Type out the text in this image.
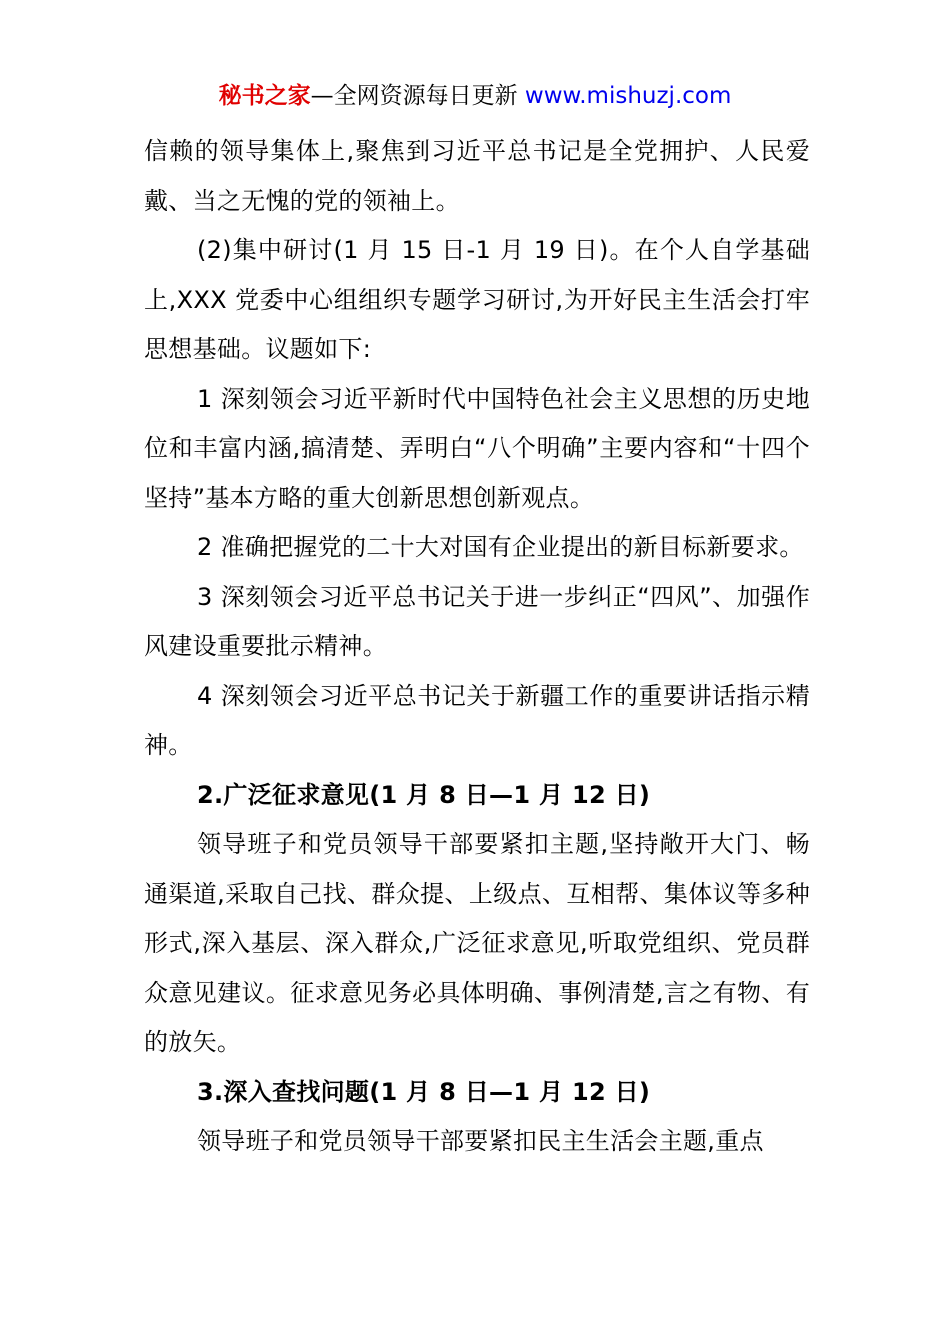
秘书之家—全网资源每日更新 www.mishuzj.com

信赖的领导集体上,聚焦到习近平总书记是全党拥护、人民爱戴、当之无愧的党的领袖上。

(2)集中研讨(1 月 15 日-1 月 19 日)。在个人自学基础上,XXX 党委中心组组织专题学习研讨,为开好民主生活会打牢思想基础。议题如下:

1 深刻领会习近平新时代中国特色社会主义思想的历史地位和丰富内涵,搞清楚、弄明白“八个明确”主要内容和“十四个坚持”基本方略的重大创新思想创新观点。

2 准确把握党的二十大对国有企业提出的新目标新要求。

3 深刻领会习近平总书记关于进一步纠正“四风”、加强作风建设重要批示精神。

4 深刻领会习近平总书记关于新疆工作的重要讲话指示精神。

2.广泛征求意见(1 月 8 日—1 月 12 日)

领导班子和党员领导干部要紧扣主题,坚持敞开大门、畅通渠道,采取自己找、群众提、上级点、互相帮、集体议等多种形式,深入基层、深入群众,广泛征求意见,听取党组织、党员群众意见建议。征求意见务必具体明确、事例清楚,言之有物、有的放矢。

3.深入查找问题(1 月 8 日—1 月 12 日)

领导班子和党员领导干部要紧扣民主生活会主题,重点
